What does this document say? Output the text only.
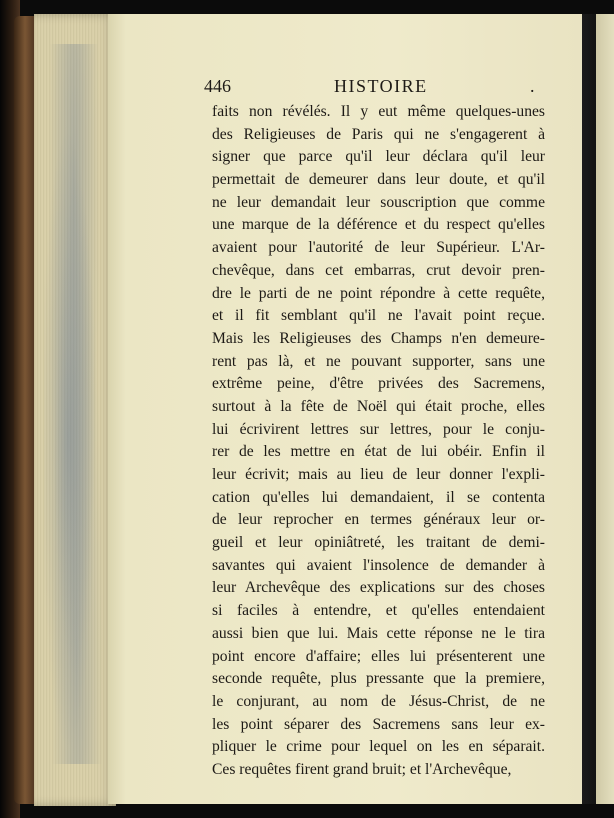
446	HISTOIRE	.
faits non révélés. Il y eut même quelques-unes
des Religieuses de Paris qui ne s'engagerent à
signer que parce qu'il leur déclara qu'il leur
permettait de demeurer dans leur doute, et qu'il
ne leur demandait leur souscription que comme
une marque de la déférence et du respect qu'elles
avaient pour l'autorité de leur Supérieur. L'Ar-
chevêque, dans cet embarras, crut devoir pren-
dre le parti de ne point répondre à cette requête,
et il fit semblant qu'il ne l'avait point reçue.
Mais les Religieuses des Champs n'en demeure-
rent pas là, et ne pouvant supporter, sans une
extrême peine, d'être privées des Sacremens,
surtout à la fête de Noël qui était proche, elles
lui écrivirent lettres sur lettres, pour le conju-
rer de les mettre en état de lui obéir. Enfin il
leur écrivit; mais au lieu de leur donner l'expli-
cation qu'elles lui demandaient, il se contenta
de leur reprocher en termes généraux leur or-
gueil et leur opiniâtreté, les traitant de demi-
savantes qui avaient l'insolence de demander à
leur Archevêque des explications sur des choses
si faciles à entendre, et qu'elles entendaient
aussi bien que lui. Mais cette réponse ne le tira
point encore d'affaire; elles lui présenterent une
seconde requête, plus pressante que la premiere,
le conjurant, au nom de Jésus-Christ, de ne
les point séparer des Sacremens sans leur ex-
pliquer le crime pour lequel on les en séparait.
Ces requêtes firent grand bruit; et l'Archevêque,
